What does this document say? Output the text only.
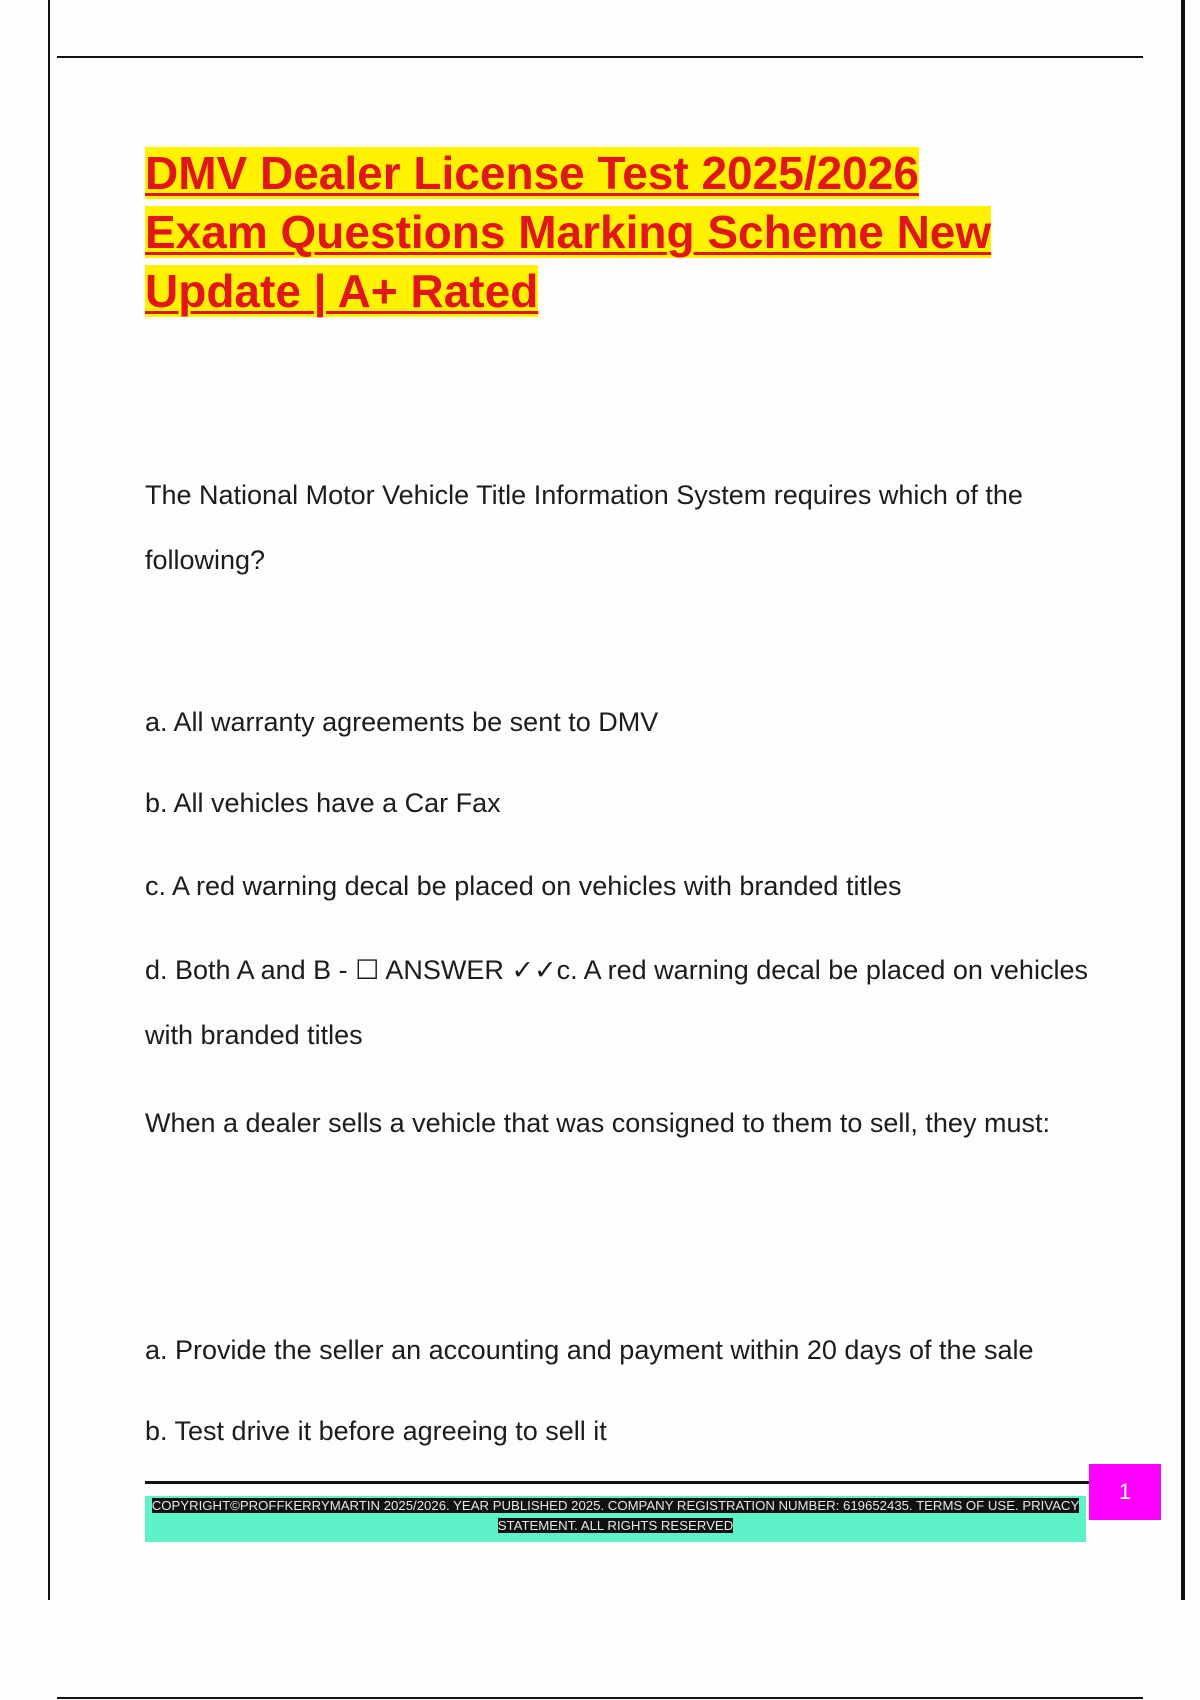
DMV Dealer License Test 2025/2026
Exam Questions Marking Scheme New
Update | A+ Rated

The National Motor Vehicle Title Information System requires which of the following?

a. All warranty agreements be sent to DMV

b. All vehicles have a Car Fax

c. A red warning decal be placed on vehicles with branded titles

d. Both A and B - ☐ ANSWER ✓✓c. A red warning decal be placed on vehicles with branded titles

When a dealer sells a vehicle that was consigned to them to sell, they must:

a. Provide the seller an accounting and payment within 20 days of the sale

b. Test drive it before agreeing to sell it

COPYRIGHT©PROFFKERRYMARTIN 2025/2026. YEAR PUBLISHED 2025. COMPANY REGISTRATION NUMBER: 619652435. TERMS OF USE. PRIVACY STATEMENT. ALL RIGHTS RESERVED
1
